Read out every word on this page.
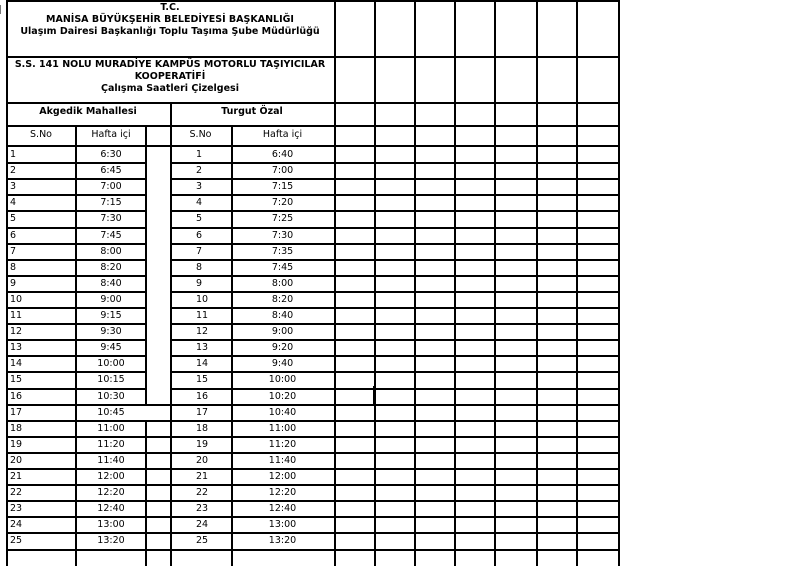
T.C.
MANİSA BÜYÜKŞEHİR BELEDİYESİ BAŞKANLIĞI
Ulaşım Dairesi Başkanlığı Toplu Taşıma Şube Müdürlüğü
S.S. 141 NOLU MURADİYE KAMPÜS MOTORLU TAŞIYICILAR
KOOPERATİFİ
Çalışma Saatleri Çizelgesi
Akgedik Mahallesi	Turgut Özal
S.No	Hafta içi	S.No	Hafta içi
1	6:30	1	6:40
2	6:45	2	7:00
3	7:00	3	7:15
4	7:15	4	7:20
5	7:30	5	7:25
6	7:45	6	7:30
7	8:00	7	7:35
8	8:20	8	7:45
9	8:40	9	8:00
10	9:00	10	8:20
11	9:15	11	8:40
12	9:30	12	9:00
13	9:45	13	9:20
14	10:00	14	9:40
15	10:15	15	10:00
16	10:30	16	10:20
17	10:45	17	10:40
18	11:00	18	11:00
19	11:20	19	11:20
20	11:40	20	11:40
21	12:00	21	12:00
22	12:20	22	12:20
23	12:40	23	12:40
24	13:00	24	13:00
25	13:20	25	13:20
